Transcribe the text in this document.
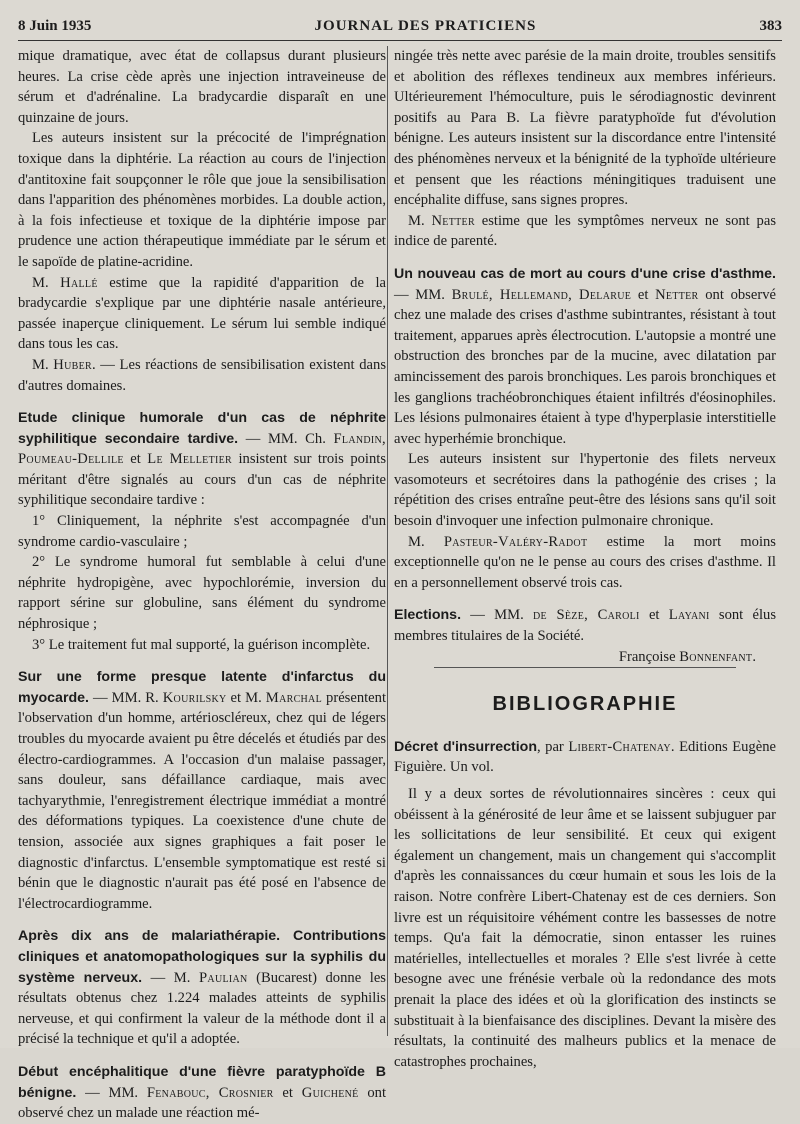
8 Juin 1935	JOURNAL DES PRATICIENS	383

mique dramatique, avec état de collapsus durant plusieurs heures. La crise cède après une injection intraveineuse de sérum et d'adrénaline. La bradycardie disparaît en une quinzaine de jours.

Les auteurs insistent sur la précocité de l'imprégnation toxique dans la diphtérie. La réaction au cours de l'injection d'antitoxine fait soupçonner le rôle que joue la sensibilisation dans l'apparition des phénomènes morbides. La double action, à la fois infectieuse et toxique de la diphtérie impose par prudence une action thérapeutique immédiate par le sérum et le sapoïde de platine-acridine.

M. Hallé estime que la rapidité d'apparition de la bradycardie s'explique par une diphtérie nasale antérieure, passée inaperçue cliniquement. Le sérum lui semble indiqué dans tous les cas.

M. Huber. — Les réactions de sensibilisation existent dans d'autres domaines.

Etude clinique humorale d'un cas de néphrite syphilitique secondaire tardive. — MM. Ch. Flandin, Poumeau-Dellile et Le Melletier insistent sur trois points méritant d'être signalés au cours d'un cas de néphrite syphilitique secondaire tardive :

1° Cliniquement, la néphrite s'est accompagnée d'un syndrome cardio-vasculaire ;

2° Le syndrome humoral fut semblable à celui d'une néphrite hydropigène, avec hypochlorémie, inversion du rapport sérine sur globuline, sans élément du syndrome néphrosique ;

3° Le traitement fut mal supporté, la guérison incomplète.

Sur une forme presque latente d'infarctus du myocarde. — MM. R. Kourilsky et M. Marchal présentent l'observation d'un homme, artérioscléreux, chez qui de légers troubles du myocarde avaient pu être décelés et étudiés par des électro-cardiogrammes. A l'occasion d'un malaise passager, sans douleur, sans défaillance cardiaque, mais avec tachyarythmie, l'enregistrement électrique immédiat a montré des déformations typiques. La coexistence d'une chute de tension, associée aux signes graphiques a fait poser le diagnostic d'infarctus. L'ensemble symptomatique est resté si bénin que le diagnostic n'aurait pas été posé en l'absence de l'électrocardiogramme.

Après dix ans de malariathérapie. Contributions cliniques et anatomopathologiques sur la syphilis du système nerveux. — M. Paulian (Bucarest) donne les résultats obtenus chez 1.224 malades atteints de syphilis nerveuse, et qui confirment la valeur de la méthode dont il a précisé la technique et qu'il a adoptée.

Début encéphalitique d'une fièvre paratyphoïde B bénigne. — MM. Fenabouc, Crosnier et Guichené ont observé chez un malade une réaction mé-

ningée très nette avec parésie de la main droite, troubles sensitifs et abolition des réflexes tendineux aux membres inférieurs. Ultérieurement l'hémoculture, puis le sérodiagnostic devinrent positifs au Para B. La fièvre paratyphoïde fut d'évolution bénigne. Les auteurs insistent sur la discordance entre l'intensité des phénomènes nerveux et la bénignité de la typhoïde ultérieure et pensent que les réactions méningitiques traduisent une encéphalite diffuse, sans signes propres.

M. Netter estime que les symptômes nerveux ne sont pas indice de parenté.

Un nouveau cas de mort au cours d'une crise d'asthme. — MM. Brulé, Hellemand, Delarue et Netter ont observé chez une malade des crises d'asthme subintrantes, résistant à tout traitement, apparues après électrocution. L'autopsie a montré une obstruction des bronches par de la mucine, avec dilatation par amincissement des parois bronchiques. Les parois bronchiques et les ganglions trachéobronchiques étaient infiltrés d'éosinophiles. Les lésions pulmonaires étaient à type d'hyperplasie interstitielle avec hyperhémie bronchique.

Les auteurs insistent sur l'hypertonie des filets nerveux vasomoteurs et secrétoires dans la pathogénie des crises ; la répétition des crises entraîne peut-être des lésions sans qu'il soit besoin d'invoquer une infection pulmonaire chronique.

M. Pasteur-Valéry-Radot estime la mort moins exceptionnelle qu'on ne le pense au cours des crises d'asthme. Il en a personnellement observé trois cas.

Elections. — MM. de Sèze, Caroli et Layani sont élus membres titulaires de la Société.

Françoise Bonnenfant.

BIBLIOGRAPHIE

Décret d'insurrection, par Libert-Chatenay. Editions Eugène Figuière. Un vol.

Il y a deux sortes de révolutionnaires sincères : ceux qui obéissent à la générosité de leur âme et se laissent subjuguer par les sollicitations de leur sensibilité. Et ceux qui exigent également un changement, mais un changement qui s'accomplit d'après les connaissances du cœur humain et sous les lois de la raison. Notre confrère Libert-Chatenay est de ces derniers. Son livre est un réquisitoire véhément contre les bassesses de notre temps. Qu'a fait la démocratie, sinon entasser les ruines matérielles, intellectuelles et morales ? Elle s'est livrée à cette besogne avec une frénésie verbale où la redondance des mots prenait la place des idées et où la glorification des instincts se substituait à la bienfaisance des disciplines. Devant la misère des résultats, la continuité des malheurs publics et la menace de catastrophes prochaines,
